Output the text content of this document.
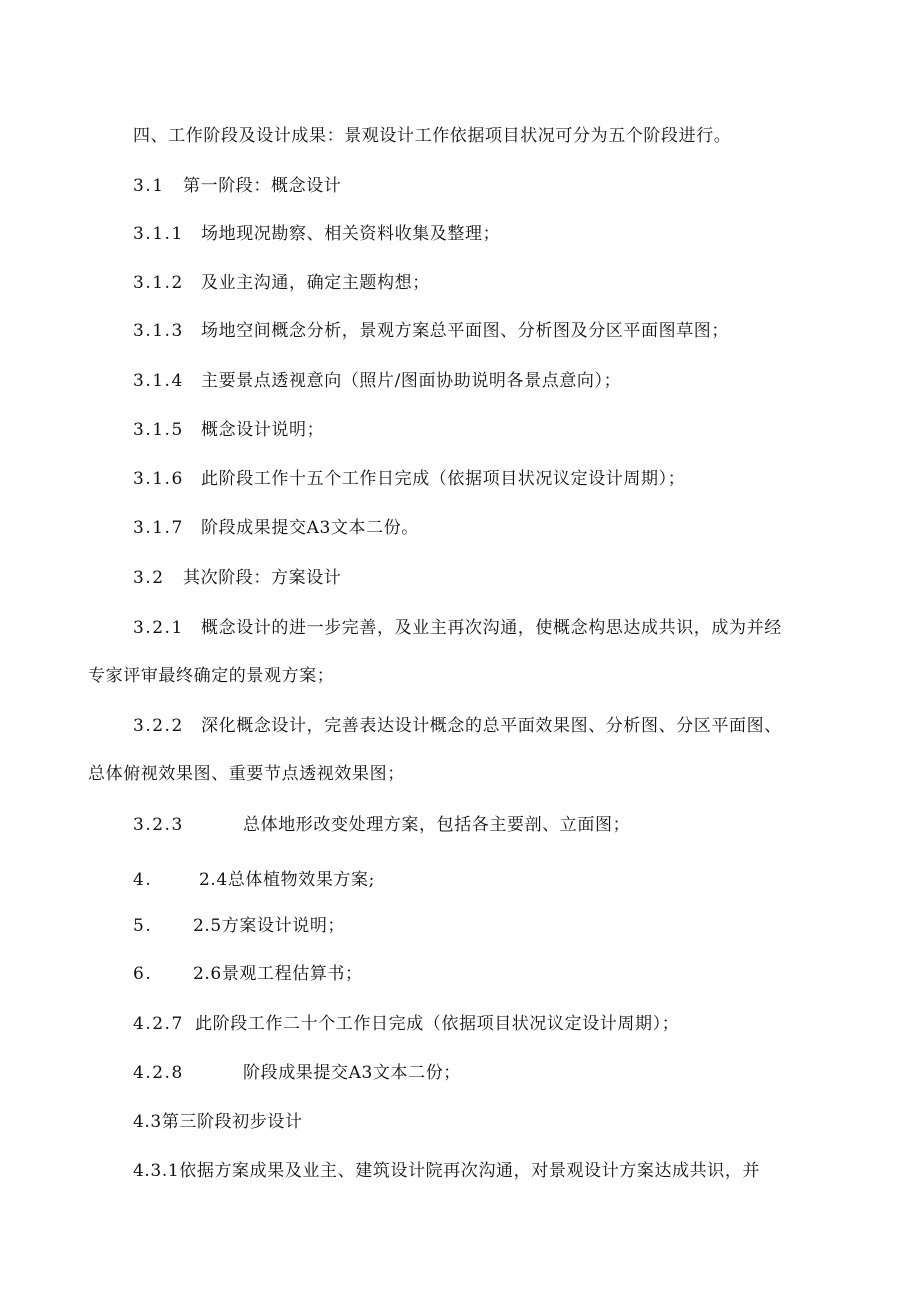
四、工作阶段及设计成果：景观设计工作依据项目状况可分为五个阶段进行。
3.1 第一阶段：概念设计
3.1.1 场地现况勘察、相关资料收集及整理；
3.1.2 及业主沟通，确定主题构想；
3.1.3 场地空间概念分析，景观方案总平面图、分析图及分区平面图草图；
3.1.4 主要景点透视意向（照片/图面协助说明各景点意向）；
3.1.5 概念设计说明；
3.1.6 此阶段工作十五个工作日完成（依据项目状况议定设计周期）；
3.1.7 阶段成果提交A3文本二份。
3.2 其次阶段：方案设计
3.2.1 概念设计的进一步完善，及业主再次沟通，使概念构思达成共识，成为并经
专家评审最终确定的景观方案；
3.2.2 深化概念设计，完善表达设计概念的总平面效果图、分析图、分区平面图、
总体俯视效果图、重要节点透视效果图；
3.2.3	总体地形改变处理方案，包括各主要剖、立面图；
4.	2.4总体植物效果方案;
5. 2.5方案设计说明；
6. 2.6景观工程估算书；
4.2.7 此阶段工作二十个工作日完成（依据项目状况议定设计周期）；
4.2.8	阶段成果提交A3文本二份；
4.3第三阶段初步设计
4.3.1依据方案成果及业主、建筑设计院再次沟通，对景观设计方案达成共识，并
